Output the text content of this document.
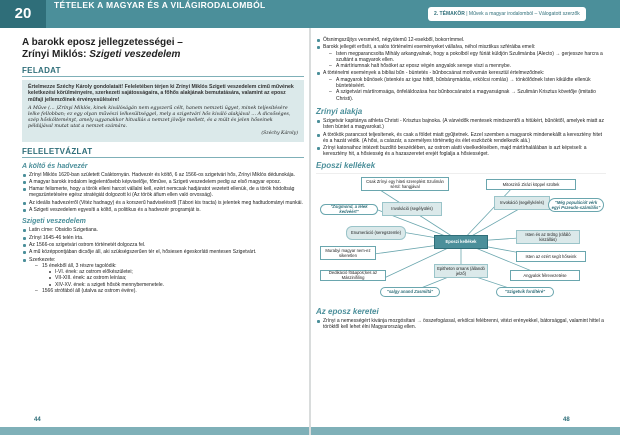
20	TÉTELEK A MAGYAR ÉS A VILÁGIRODALOMBÓL
2. TÉMAKÖR | Művek a magyar irodalomból – Válogatott szerzők
A barokk eposz jellegzetességei –
Zrínyi Miklós: Szigeti veszedelem
FELADAT
Értelmezze Széchy Károly gondolatait! Feleletében térjen ki Zrínyi Miklós Szigeti veszedelem című művének keletkezési körülményeire, szerkezeti sajátosságaira, a főhős alakjának bemutatására, valamint az eposz műfaji jellemzőinek érvényesülésére!
A Műve (… )Zrínyi Miklós, kinek kiválóságán nem egyszerű célt, hanem nemzeti ügyet, minek teljesítésére lelke fellobban; ez egy olyan művészi lelkesültséggel, mely a szigetvári hős kiváló alakjával … A dicsőséges, szép hőskölteményt, amely ugyanakkor hitvallás a nemzet jövője mellett, és a múlt és jelen hőseinek példájával mutat utat a nemzet számára.
(Széchy Károly)
FELELETVÁZLAT
A költő és hadvezér
Zrínyi Miklós 1620-ban született Csáktornyán. Hadvezér és költő, 6 az 1566-os szigetvári hős, Zrínyi Miklós dédunokája.
A magyar barokk irodalom legjelentősebb képviselője, főműve, a Szigeti veszedelem pedig az első magyar eposz.
Hamar felismerte, hogy a török elleni harcot vállalni kell, ezért nemcsak hadjáratot vezetett ellenük, de a török hódoltság megszüntetésére egész stratégiát dolgozott ki (Az török áfium ellen való orvosság).
Az ideális hadvezérről (Vitéz hadnagy) és a korszerű hadviselésről (Tábori kis tracta) is jelentek meg hadtudományi munkái.
A Szigeti veszedelem egyesíti a költő, a politikus és a hadvezér programját is.
Szigeti veszedelem
Latin címe: Obsidio Szigetiana.
Zrínyi 1645-46 telén írta.
Az 1566-os szigetvári ostrom történetét dolgozza fel.
A mű középpontjában dicsője áll, aki szükségszerűen tér el, hősiesen égeskorláti mentesen Szigetvárt.
Szerkezete:
– 15 énekből áll, 3 részre tagolódik:
I-VI. ének: az ostrom előkészületei;
VII-XIII. ének: az ostrom leírása;
XIV-XV. ének: a szigeti hősök mennybemenetele.
– 1566 strófából áll (utalva az ostrom évére).
Ötsnimgszűjtys versmérő, négyütemű 12-esekből, bokorrímmel.
Barokk jellegét erősíti, a valós történelmi eseményeket vállalva, néhol misztikus szféráiba emeli:
– Isten megparancsolta Mihály arkangyalnak, hogy a pokolból egy fúriát küldjön Szulimánba (Alecto) → gerjessze harcra a szultánt a magyarok ellen.
– A mártíriumnak halt hősöket az eposz végén angyalok serege viszi a mennybe.
A történelmi események a bibliai bűn - büntetés - bűnbocsánat motívumán keresztül értelmeződnek:
– A magyarok bűnösek (istenkés az igaz hittől, bűnbánymádás, erkölcsi romlás) → tönkölődnek Isten kiküldte ellenük büntetéséért.
– A szigetvári mártíromsága, önfeláldozása hoz bűnbocsánatot a magyarságnak → Szulimán Krisztus követője (imitatio Christi).
Zrínyi alakja
Szigetvár kapitánya athleta Christi - Krisztus bajnoka. (A várvédők mentesek mindszentői a hitükért, bűnöktől, amelyek miatt az Isten büntet a magyarokat.)
A törökök parancsot teljesítenek, és csak a földet miatt gyűjtetnek. Ezzel szemben a magyarok mindenekállt a keresztény hitet és a hazát védik. (A hősi, a császár, a személyes történetig és élet eszközök rendelkezik alá.)
Zrínyi katonaihoz intézett buzdító beszédében, az ostrom alatti viselkedésében, majd mártírhalálában is azt képviseli: a keresztény hit, a hősiesség és a hazaszeretet erejét foglalja a hősiességet.
Eposzi kellékek
Csak Zrínyi egy hiteti szereplést Szulimán sérül: hangjával
"Zsigmond, a lélek kedvéért"
Invokáció (segélyülés)
Enumeráció (seregszemle)
Murabyi magyar nem-ez sikeretlen
Dedikáció fö&apos;kes az Mászinifiling
Mitoszirói Zirázi köppel szültek
Invokáció (segélykérés)	"Még populációt vérk egyi Pszeudo-számlális"
Isten és az ördög (ráfáló kiszállás)
Isten az ezért segít hőseink
Angyalok félrevezetése
Eposzi kellékek
Epitheton ornans (állandó jelző)
"Szigetvik fordítéré"
"salgy anand Zasmiltá"
Az eposz keretei
Zrínyi a nemességért kivánja mozgósítani → összefogással, erkölcsi felébrenni, vitézi erényekkel, bátorsággal, valamint hittel a töröktől kell lehet élni Magyarország ellen.
44	48
